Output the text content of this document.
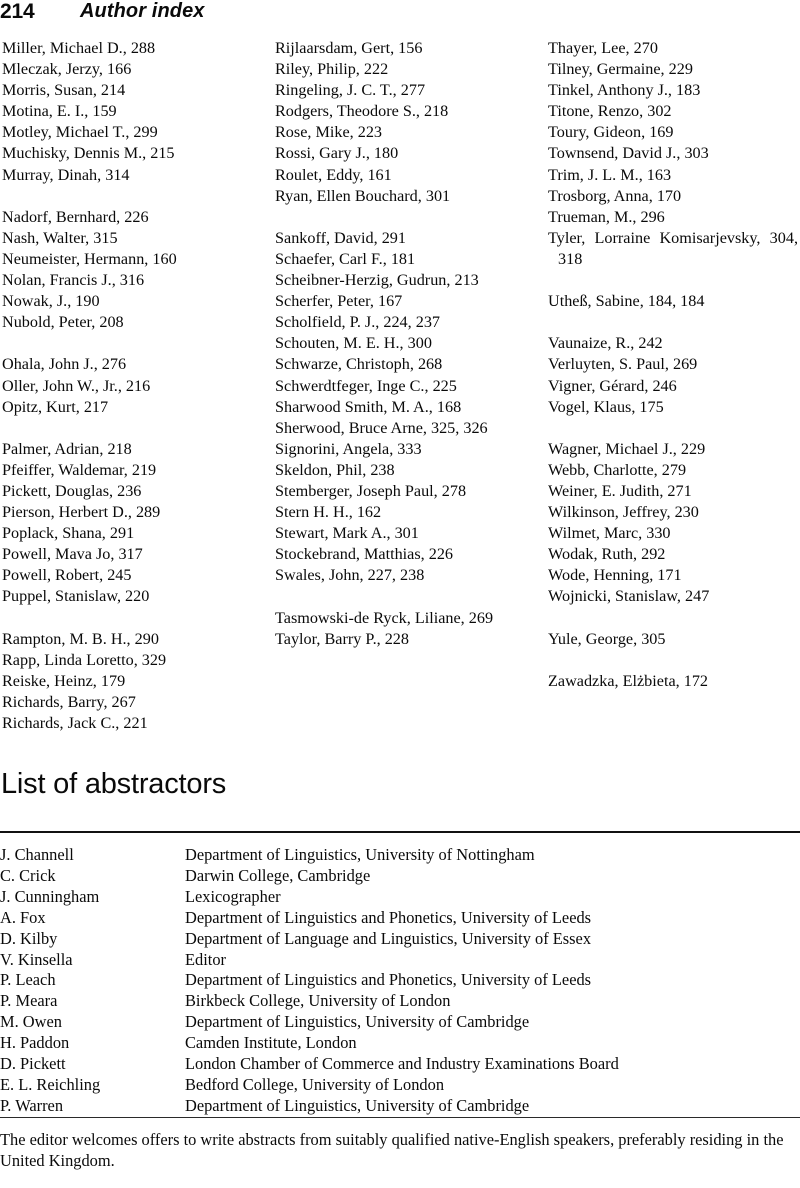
214 Author index

Miller, Michael D., 288

Mleczak, Jerzy, 166

Morris, Susan, 214

Motina, E. I., 159

Motley, Michael T., 299

Muchisky, Dennis M., 215

Murray, Dinah, 314

Nadorf, Bernhard, 226

Nash, Walter, 315

Neumeister, Hermann, 160

Nolan, Francis J., 316

Nowak, J., 190

Nubold, Peter, 208

Ohala, John J., 276

Oller, John W., Jr., 216

Opitz, Kurt, 217

Palmer, Adrian, 218

Pfeiffer, Waldemar, 219

Pickett, Douglas, 236

Pierson, Herbert D., 289

Poplack, Shana, 291

Powell, Mava Jo, 317

Powell, Robert, 245

Puppel, Stanislaw, 220

Rampton, M. B. H., 290

Rapp, Linda Loretto, 329

Reiske, Heinz, 179

Richards, Barry, 267

Richards, Jack C., 221

Rijlaarsdam, Gert, 156

Riley, Philip, 222

Ringeling, J. C. T., 277

Rodgers, Theodore S., 218

Rose, Mike, 223

Rossi, Gary J., 180

Roulet, Eddy, 161

Ryan, Ellen Bouchard, 301

Sankoff, David, 291

Schaefer, Carl F., 181

Scheibner-Herzig, Gudrun, 213

Scherfer, Peter, 167

Scholfield, P. J., 224, 237

Schouten, M. E. H., 300

Schwarze, Christoph, 268

Schwerdtfeger, Inge C., 225

Sharwood Smith, M. A., 168

Sherwood, Bruce Arne, 325, 326

Signorini, Angela, 333

Skeldon, Phil, 238

Stemberger, Joseph Paul, 278

Stern H. H., 162

Stewart, Mark A., 301

Stockebrand, Matthias, 226

Swales, John, 227, 238

Tasmowski-de Ryck, Liliane, 269

Taylor, Barry P., 228

Thayer, Lee, 270

Tilney, Germaine, 229

Tinkel, Anthony J., 183

Titone, Renzo, 302

Toury, Gideon, 169

Townsend, David J., 303

Trim, J. L. M., 163

Trosborg, Anna, 170

Trueman, M., 296

Tyler, Lorraine Komisarjevsky, 304, 318

Utheß, Sabine, 184, 184

Vaunaize, R., 242

Verluyten, S. Paul, 269

Vigner, Gérard, 246

Vogel, Klaus, 175

Wagner, Michael J., 229

Webb, Charlotte, 279

Weiner, E. Judith, 271

Wilkinson, Jeffrey, 230

Wilmet, Marc, 330

Wodak, Ruth, 292

Wode, Henning, 171

Wojnicki, Stanislaw, 247

Yule, George, 305

Zawadzka, Elżbieta, 172

List of abstractors
J. Channell	Department of Linguistics, University of Nottingham
C. Crick	Darwin College, Cambridge
J. Cunningham	Lexicographer
A. Fox	Department of Linguistics and Phonetics, University of Leeds
D. Kilby	Department of Language and Linguistics, University of Essex
V. Kinsella	Editor
P. Leach	Department of Linguistics and Phonetics, University of Leeds
P. Meara	Birkbeck College, University of London
M. Owen	Department of Linguistics, University of Cambridge
H. Paddon	Camden Institute, London
D. Pickett	London Chamber of Commerce and Industry Examinations Board
E. L. Reichling	Bedford College, University of London
P. Warren	Department of Linguistics, University of Cambridge

The editor welcomes offers to write abstracts from suitably qualified native-English speakers, preferably residing in the United Kingdom.
